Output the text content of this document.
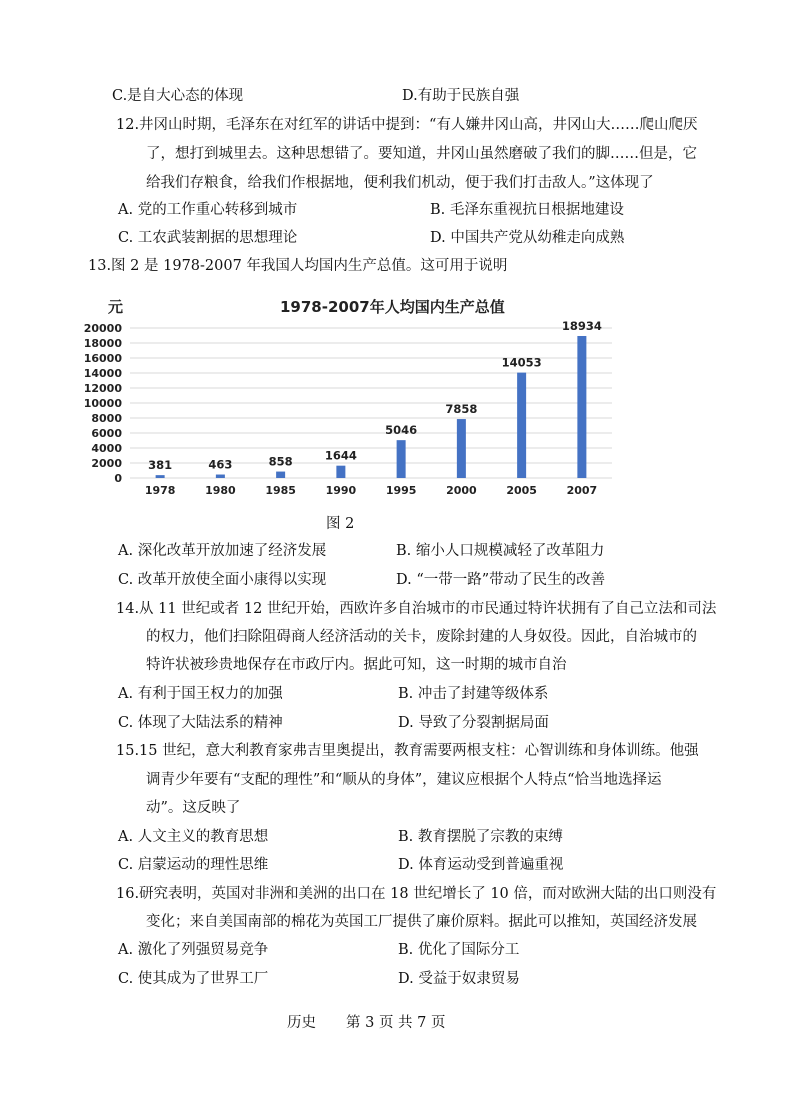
C.是自大心态的体现	D.有助于民族自强
12.井冈山时期，毛泽东在对红军的讲话中提到：“有人嫌井冈山高，井冈山大……爬山爬厌
了，想打到城里去。这种思想错了。要知道，井冈山虽然磨破了我们的脚……但是，它
给我们存粮食，给我们作根据地，便利我们机动，便于我们打击敌人。”这体现了
A. 党的工作重心转移到城市	B. 毛泽东重视抗日根据地建设
C. 工农武装割据的思想理论	D. 中国共产党从幼稚走向成熟
13.图 2 是 1978-2007 年我国人均国内生产总值。这可用于说明
元	1978-2007年人均国内生产总值
0
2000
4000
6000
8000
10000
12000
14000
16000
18000
20000
381	463	858	1644
5046
7858
14053
18934
1978	1980	1985	1990	1995	2000	2005	2007
图 2
A. 深化改革开放加速了经济发展	B. 缩小人口规模减轻了改革阻力
C. 改革开放使全面小康得以实现	D. “一带一路”带动了民生的改善
14.从 11 世纪或者 12 世纪开始，西欧许多自治城市的市民通过特许状拥有了自己立法和司法
的权力，他们扫除阻碍商人经济活动的关卡，废除封建的人身奴役。因此，自治城市的
特许状被珍贵地保存在市政厅内。据此可知，这一时期的城市自治
A. 有利于国王权力的加强	B. 冲击了封建等级体系
C. 体现了大陆法系的精神	D. 导致了分裂割据局面
15.15 世纪，意大利教育家弗吉里奥提出，教育需要两根支柱：心智训练和身体训练。他强
调青少年要有“支配的理性”和“顺从的身体”，建议应根据个人特点“恰当地选择运
动”。这反映了
A. 人文主义的教育思想	B. 教育摆脱了宗教的束缚
C. 启蒙运动的理性思维	D. 体育运动受到普遍重视
16.研究表明，英国对非洲和美洲的出口在 18 世纪增长了 10 倍，而对欧洲大陆的出口则没有
变化；来自美国南部的棉花为英国工厂提供了廉价原料。据此可以推知，英国经济发展
A. 激化了列强贸易竞争	B. 优化了国际分工
C. 使其成为了世界工厂	D. 受益于奴隶贸易
历史 第 3 页 共 7 页
